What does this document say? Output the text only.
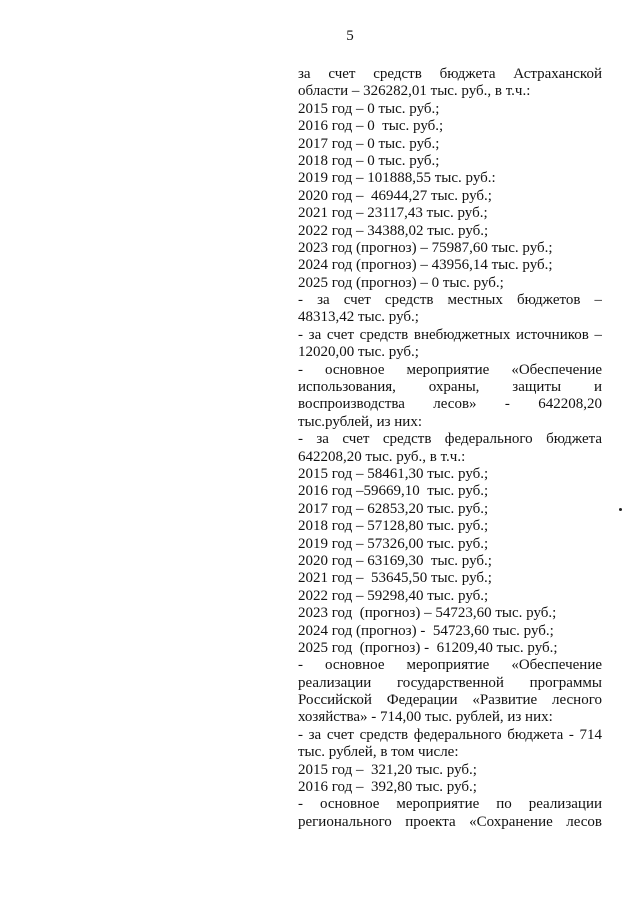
5
за счет средств бюджета Астраханской
области – 326282,01 тыс. руб., в т.ч.:
2015 год – 0 тыс. руб.;
2016 год – 0  тыс. руб.;
2017 год – 0 тыс. руб.;
2018 год – 0 тыс. руб.;
2019 год – 101888,55 тыс. руб.:
2020 год –  46944,27 тыс. руб.;
2021 год – 23117,43 тыс. руб.;
2022 год – 34388,02 тыс. руб.;
2023 год (прогноз) – 75987,60 тыс. руб.;
2024 год (прогноз) – 43956,14 тыс. руб.;
2025 год (прогноз) – 0 тыс. руб.;
- за счет средств местных бюджетов –
48313,42 тыс. руб.;
- за счет средств внебюджетных источников –
12020,00 тыс. руб.;
- основное мероприятие «Обеспечение
использования, охраны, защиты и
воспроизводства лесов» - 642208,20
тыс.рублей, из них:
- за счет средств федерального бюджета
642208,20 тыс. руб., в т.ч.:
2015 год – 58461,30 тыс. руб.;
2016 год –59669,10  тыс. руб.;
2017 год – 62853,20 тыс. руб.;
2018 год – 57128,80 тыс. руб.;
2019 год – 57326,00 тыс. руб.;
2020 год – 63169,30  тыс. руб.;
2021 год –  53645,50 тыс. руб.;
2022 год – 59298,40 тыс. руб.;
2023 год  (прогноз) – 54723,60 тыс. руб.;
2024 год (прогноз) -  54723,60 тыс. руб.;
2025 год  (прогноз) -  61209,40 тыс. руб.;
- основное мероприятие «Обеспечение
реализации государственной программы
Российской Федерации «Развитие лесного
хозяйства» - 714,00 тыс. рублей, из них:
- за счет средств федерального бюджета - 714
тыс. рублей, в том числе:
2015 год –  321,20 тыс. руб.;
2016 год –  392,80 тыс. руб.;
- основное мероприятие по реализации
регионального проекта «Сохранение лесов
